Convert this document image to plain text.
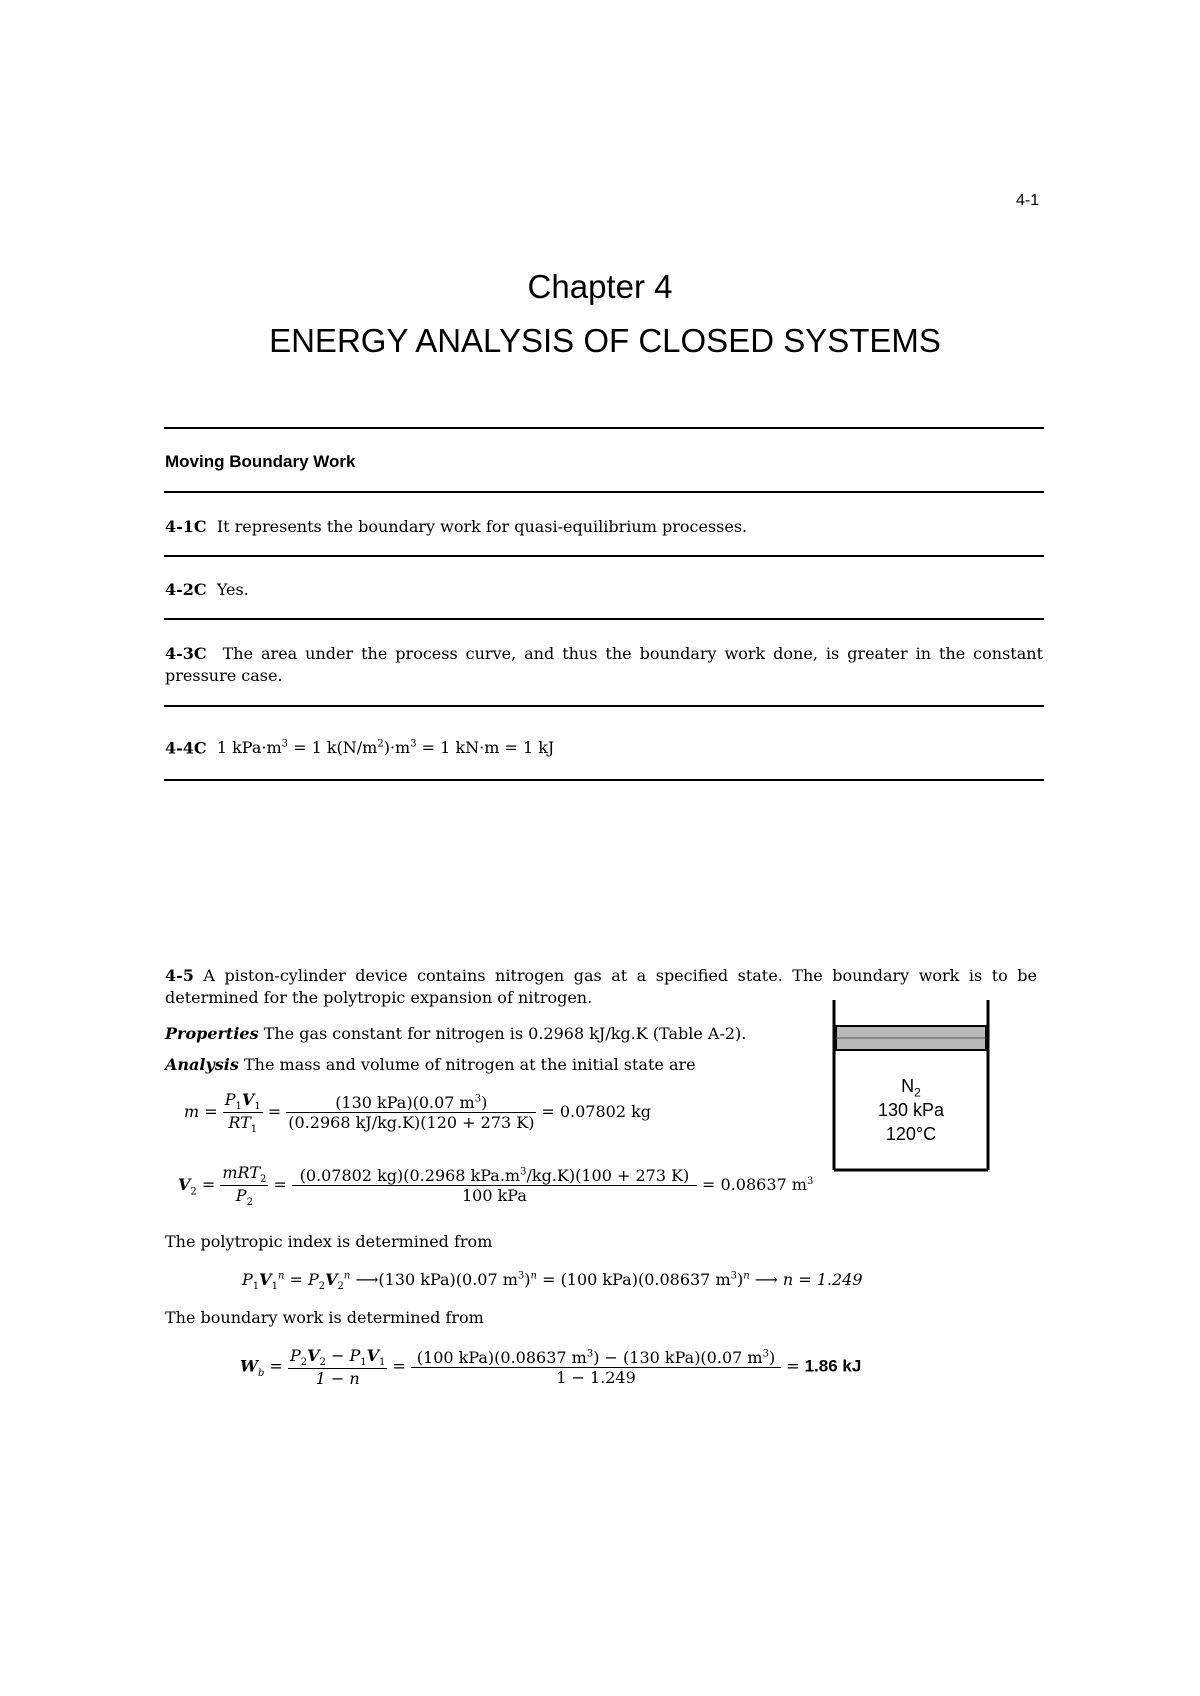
4-1
Chapter 4
ENERGY ANALYSIS OF CLOSED SYSTEMS
Moving Boundary Work
4-1C It represents the boundary work for quasi-equilibrium processes.
4-2C Yes.
4-3C The area under the process curve, and thus the boundary work done, is greater in the constant pressure case.
4-4C 1 $kPa\cdot m^3 = 1$ $k(N/m^2)\cdot m^3 = 1$ kN·m = 1 kJ
4-5 A piston-cylinder device contains nitrogen gas at a specified state. The boundary work is to be determined for the polytropic expansion of nitrogen.
Properties The gas constant for nitrogen is 0.2968 kJ/kg.K (Table A-2).
Analysis The mass and volume of nitrogen at the initial state are
$m = \frac{P_1V_1}{RT_1} = \frac{(130 kPa)(0.07 m^3)}{(0.2968 kJ/kg.K)(120 + 273 K)} = 0.07802$ kg
$V_2 = \frac{mRT_2}{P_2} = \frac{(0.07802 kg)(0.2968 kPa.m^3/kg.K)(100 + 273 K)}{\text{100 kPa}} = 0.08637$ $m^3$
The polytropic index is determined from
$P_1V_1^n = P_2V_2^n$ ⟶(130 kPa)(0.07 $m^3)^n = (100$ kPa)(0.08637 $m^3)^n$ ⟶ n = 1.249
The boundary work is determined from
$W_b = \frac{P_2V_2 - P_1V_1}{1 - n} = \frac{(100 kPa)(0.08637 m^3) - (130 kPa)(0.07 m^3)}{1 - 1.249} = 1.86$ kJ
$N_2$
130 kPa
120°C
